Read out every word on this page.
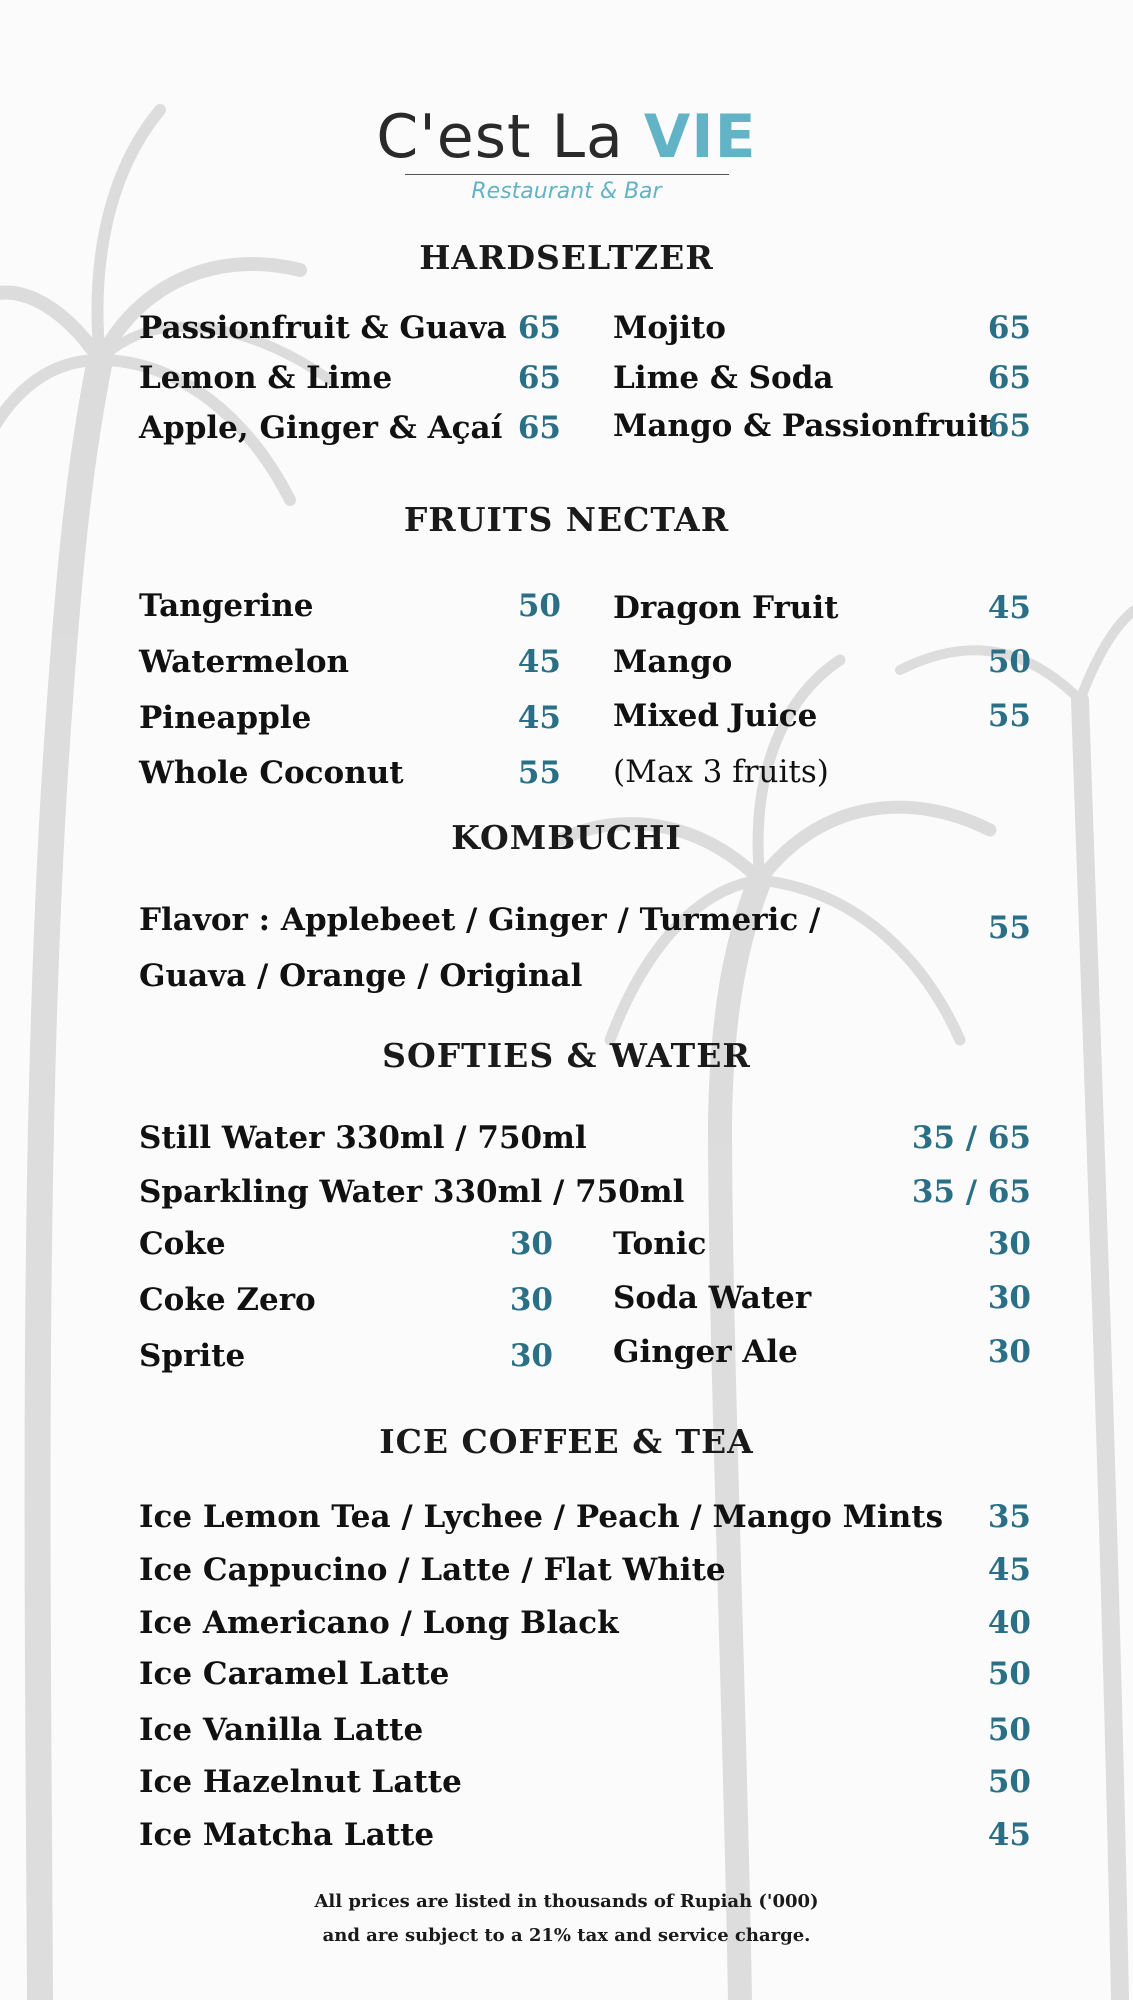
C'est La VIE
Restaurant & Bar
HARDSELTZER
Passionfruit & Guava 65
Lemon & Lime	65
Apple, Ginger & Açaí 65
Mojito	65
Lime & Soda	65
Mango & Passionfruit
65
FRUITS NECTAR
Tangerine	50
Watermelon	45
Pineapple	45
Whole Coconut	55
Dragon Fruit	45
Mango	50
Mixed Juice	55
(Max 3 fruits)
KOMBUCHI
Flavor : Applebeet / Ginger / Turmeric /	55
Guava / Orange / Original
SOFTIES & WATER
Still Water 330ml / 750ml	35 / 65
Sparkling Water 330ml / 750ml	35 / 65
Coke	30
Coke Zero	30
Sprite	30
Tonic	30
Soda Water	30
Ginger Ale	30
ICE COFFEE & TEA
Ice Lemon Tea / Lychee / Peach / Mango Mints 35
Ice Cappucino / Latte / Flat White	45
Ice Americano / Long Black	40
Ice Caramel Latte	50
Ice Vanilla Latte	50
Ice Hazelnut Latte	50
Ice Matcha Latte	45
All prices are listed in thousands of Rupiah ('000)
and are subject to a 21% tax and service charge.
